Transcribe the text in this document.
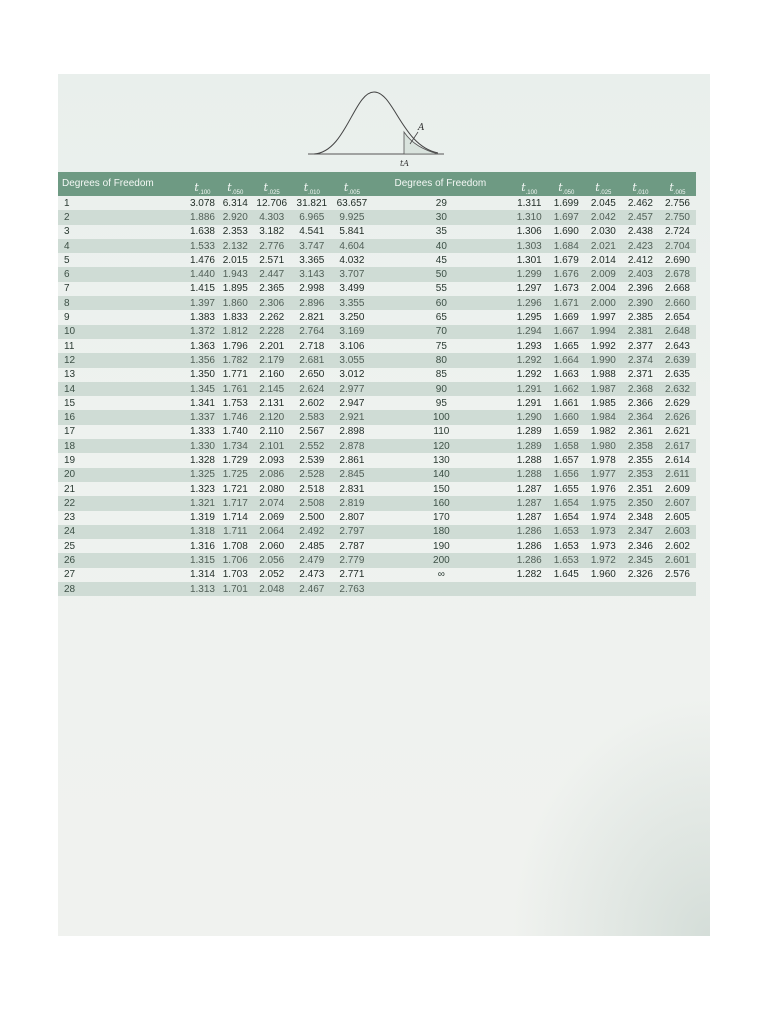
A
tA
Degrees of Freedom	$t_{.100}$	$t_{.050}$	$t_{.025}$	$t_{.010}$	$t_{.005}$
1	3.078	6.314	12.706	31.821	63.657
2	1.886	2.920	4.303	6.965	9.925
3	1.638	2.353	3.182	4.541	5.841
4	1.533	2.132	2.776	3.747	4.604
5	1.476	2.015	2.571	3.365	4.032
6	1.440	1.943	2.447	3.143	3.707
7	1.415	1.895	2.365	2.998	3.499
8	1.397	1.860	2.306	2.896	3.355
9	1.383	1.833	2.262	2.821	3.250
10	1.372	1.812	2.228	2.764	3.169
11	1.363	1.796	2.201	2.718	3.106
12	1.356	1.782	2.179	2.681	3.055
13	1.350	1.771	2.160	2.650	3.012
14	1.345	1.761	2.145	2.624	2.977
15	1.341	1.753	2.131	2.602	2.947
16	1.337	1.746	2.120	2.583	2.921
17	1.333	1.740	2.110	2.567	2.898
18	1.330	1.734	2.101	2.552	2.878
19	1.328	1.729	2.093	2.539	2.861
20	1.325	1.725	2.086	2.528	2.845
21	1.323	1.721	2.080	2.518	2.831
22	1.321	1.717	2.074	2.508	2.819
23	1.319	1.714	2.069	2.500	2.807
24	1.318	1.711	2.064	2.492	2.797
25	1.316	1.708	2.060	2.485	2.787
26	1.315	1.706	2.056	2.479	2.779
27	1.314	1.703	2.052	2.473	2.771
28	1.313	1.701	2.048	2.467	2.763
Degrees of Freedom	$t_{.100}$	$t_{.050}$	$t_{.025}$	$t_{.010}$	$t_{.005}$
29	1.311	1.699	2.045	2.462	2.756
30	1.310	1.697	2.042	2.457	2.750
35	1.306	1.690	2.030	2.438	2.724
40	1.303	1.684	2.021	2.423	2.704
45	1.301	1.679	2.014	2.412	2.690
50	1.299	1.676	2.009	2.403	2.678
55	1.297	1.673	2.004	2.396	2.668
60	1.296	1.671	2.000	2.390	2.660
65	1.295	1.669	1.997	2.385	2.654
70	1.294	1.667	1.994	2.381	2.648
75	1.293	1.665	1.992	2.377	2.643
80	1.292	1.664	1.990	2.374	2.639
85	1.292	1.663	1.988	2.371	2.635
90	1.291	1.662	1.987	2.368	2.632
95	1.291	1.661	1.985	2.366	2.629
100	1.290	1.660	1.984	2.364	2.626
110	1.289	1.659	1.982	2.361	2.621
120	1.289	1.658	1.980	2.358	2.617
130	1.288	1.657	1.978	2.355	2.614
140	1.288	1.656	1.977	2.353	2.611
150	1.287	1.655	1.976	2.351	2.609
160	1.287	1.654	1.975	2.350	2.607
170	1.287	1.654	1.974	2.348	2.605
180	1.286	1.653	1.973	2.347	2.603
190	1.286	1.653	1.973	2.346	2.602
200	1.286	1.653	1.972	2.345	2.601
∞	1.282	1.645	1.960	2.326	2.576
